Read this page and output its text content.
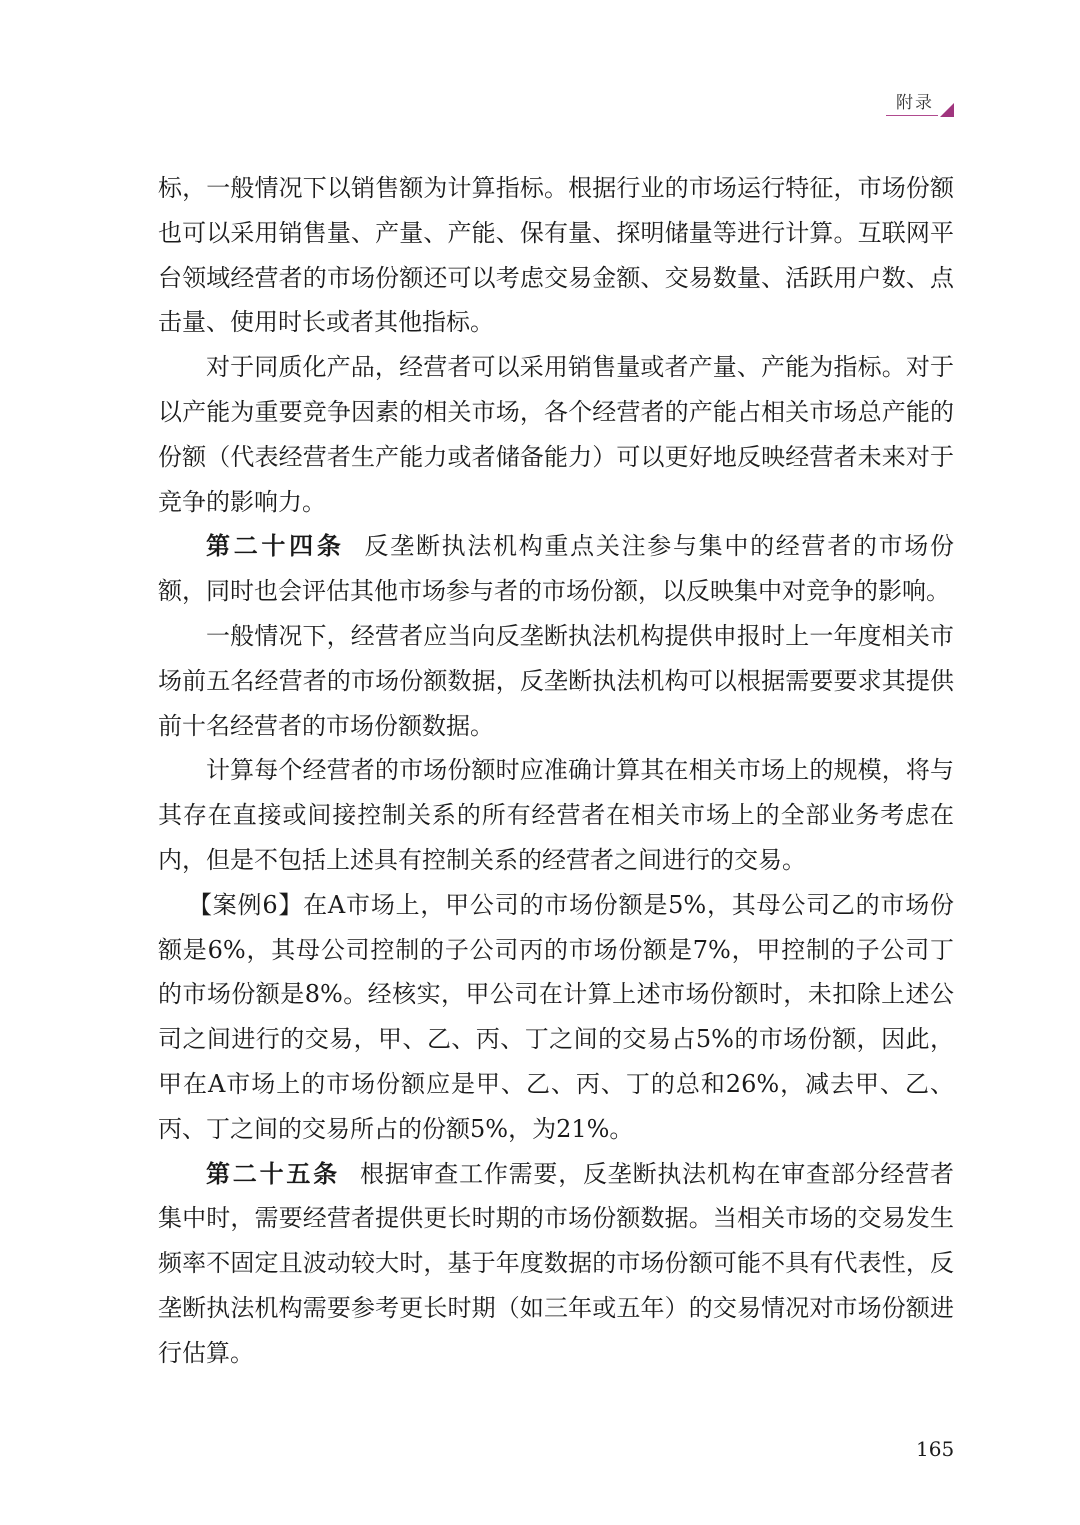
附录

标，一般情况下以销售额为计算指标。根据行业的市场运行特征，市场份额也可以采用销售量、产量、产能、保有量、探明储量等进行计算。互联网平台领域经营者的市场份额还可以考虑交易金额、交易数量、活跃用户数、点击量、使用时长或者其他指标。

对于同质化产品，经营者可以采用销售量或者产量、产能为指标。对于以产能为重要竞争因素的相关市场，各个经营者的产能占相关市场总产能的份额（代表经营者生产能力或者储备能力）可以更好地反映经营者未来对于竞争的影响力。

第二十四条 反垄断执法机构重点关注参与集中的经营者的市场份额，同时也会评估其他市场参与者的市场份额，以反映集中对竞争的影响。

一般情况下，经营者应当向反垄断执法机构提供申报时上一年度相关市场前五名经营者的市场份额数据，反垄断执法机构可以根据需要要求其提供前十名经营者的市场份额数据。

计算每个经营者的市场份额时应准确计算其在相关市场上的规模，将与其存在直接或间接控制关系的所有经营者在相关市场上的全部业务考虑在内，但是不包括上述具有控制关系的经营者之间进行的交易。

【案例6】在A市场上，甲公司的市场份额是5%，其母公司乙的市场份额是6%，其母公司控制的子公司丙的市场份额是7%，甲控制的子公司丁的市场份额是8%。经核实，甲公司在计算上述市场份额时，未扣除上述公司之间进行的交易，甲、乙、丙、丁之间的交易占5%的市场份额，因此，甲在A市场上的市场份额应是甲、乙、丙、丁的总和26%，减去甲、乙、丙、丁之间的交易所占的份额5%，为21%。

第二十五条 根据审查工作需要，反垄断执法机构在审查部分经营者集中时，需要经营者提供更长时期的市场份额数据。当相关市场的交易发生频率不固定且波动较大时，基于年度数据的市场份额可能不具有代表性，反垄断执法机构需要参考更长时期（如三年或五年）的交易情况对市场份额进行估算。

165
